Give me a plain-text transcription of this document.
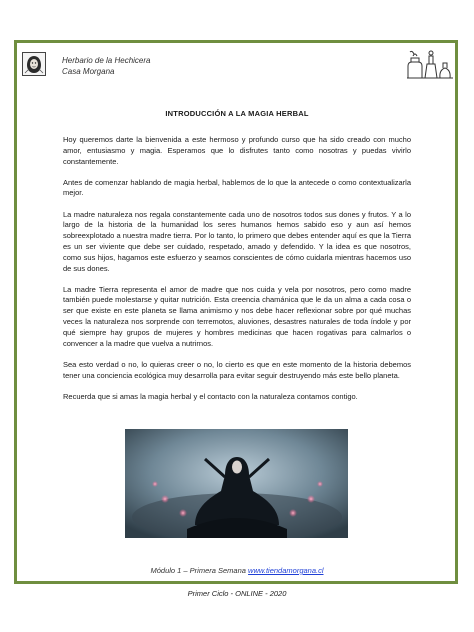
Herbario de la Hechicera
Casa Morgana
INTRODUCCIÓN A LA MAGIA HERBAL

Hoy queremos darte la bienvenida a este hermoso y profundo curso que ha sido creado con mucho amor, entusiasmo y magia. Esperamos que lo disfrutes tanto como nosotras y puedas vivirlo constantemente.

Antes de comenzar hablando de magia herbal, hablemos de lo que la antecede o como contextualizarla mejor.

La madre naturaleza nos regala constantemente cada uno de nosotros todos sus dones y frutos. Y a lo largo de la historia de la humanidad los seres humanos hemos sabido eso y aun así hemos sobreexplotado a nuestra madre tierra. Por lo tanto, lo primero que debes entender aquí es que la Tierra es un ser viviente que debe ser cuidado, respetado, amado y defendido. Y la idea es que nosotros, como sus hijos, hagamos este esfuerzo y seamos conscientes de cómo cuidarla mientras hacemos uso de sus dones.

La madre Tierra representa el amor de madre que nos cuida y vela por nosotros, pero como madre también puede molestarse y quitar nutrición. Esta creencia chamánica que le da un alma a cada cosa o ser que existe en este planeta se llama animismo y nos debe hacer reflexionar sobre por qué muchas veces la naturaleza nos sorprende con terremotos, aluviones, desastres naturales de toda índole y por qué siempre hay grupos de mujeres y hombres medicinas que hacen rogativas para calmarlos o convencer a la madre que vuelva a nutrirnos.

Sea esto verdad o no, lo quieras creer o no, lo cierto es que en este momento de la historia debemos tener una conciencia ecológica muy desarrolla para evitar seguir destruyendo más este bello planeta.

Recuerda que si amas la magia herbal y el contacto con la naturaleza contamos contigo.

Módulo 1 – Primera Semana www.tiendamorgana.cl
Primer Ciclo - ONLINE - 2020
